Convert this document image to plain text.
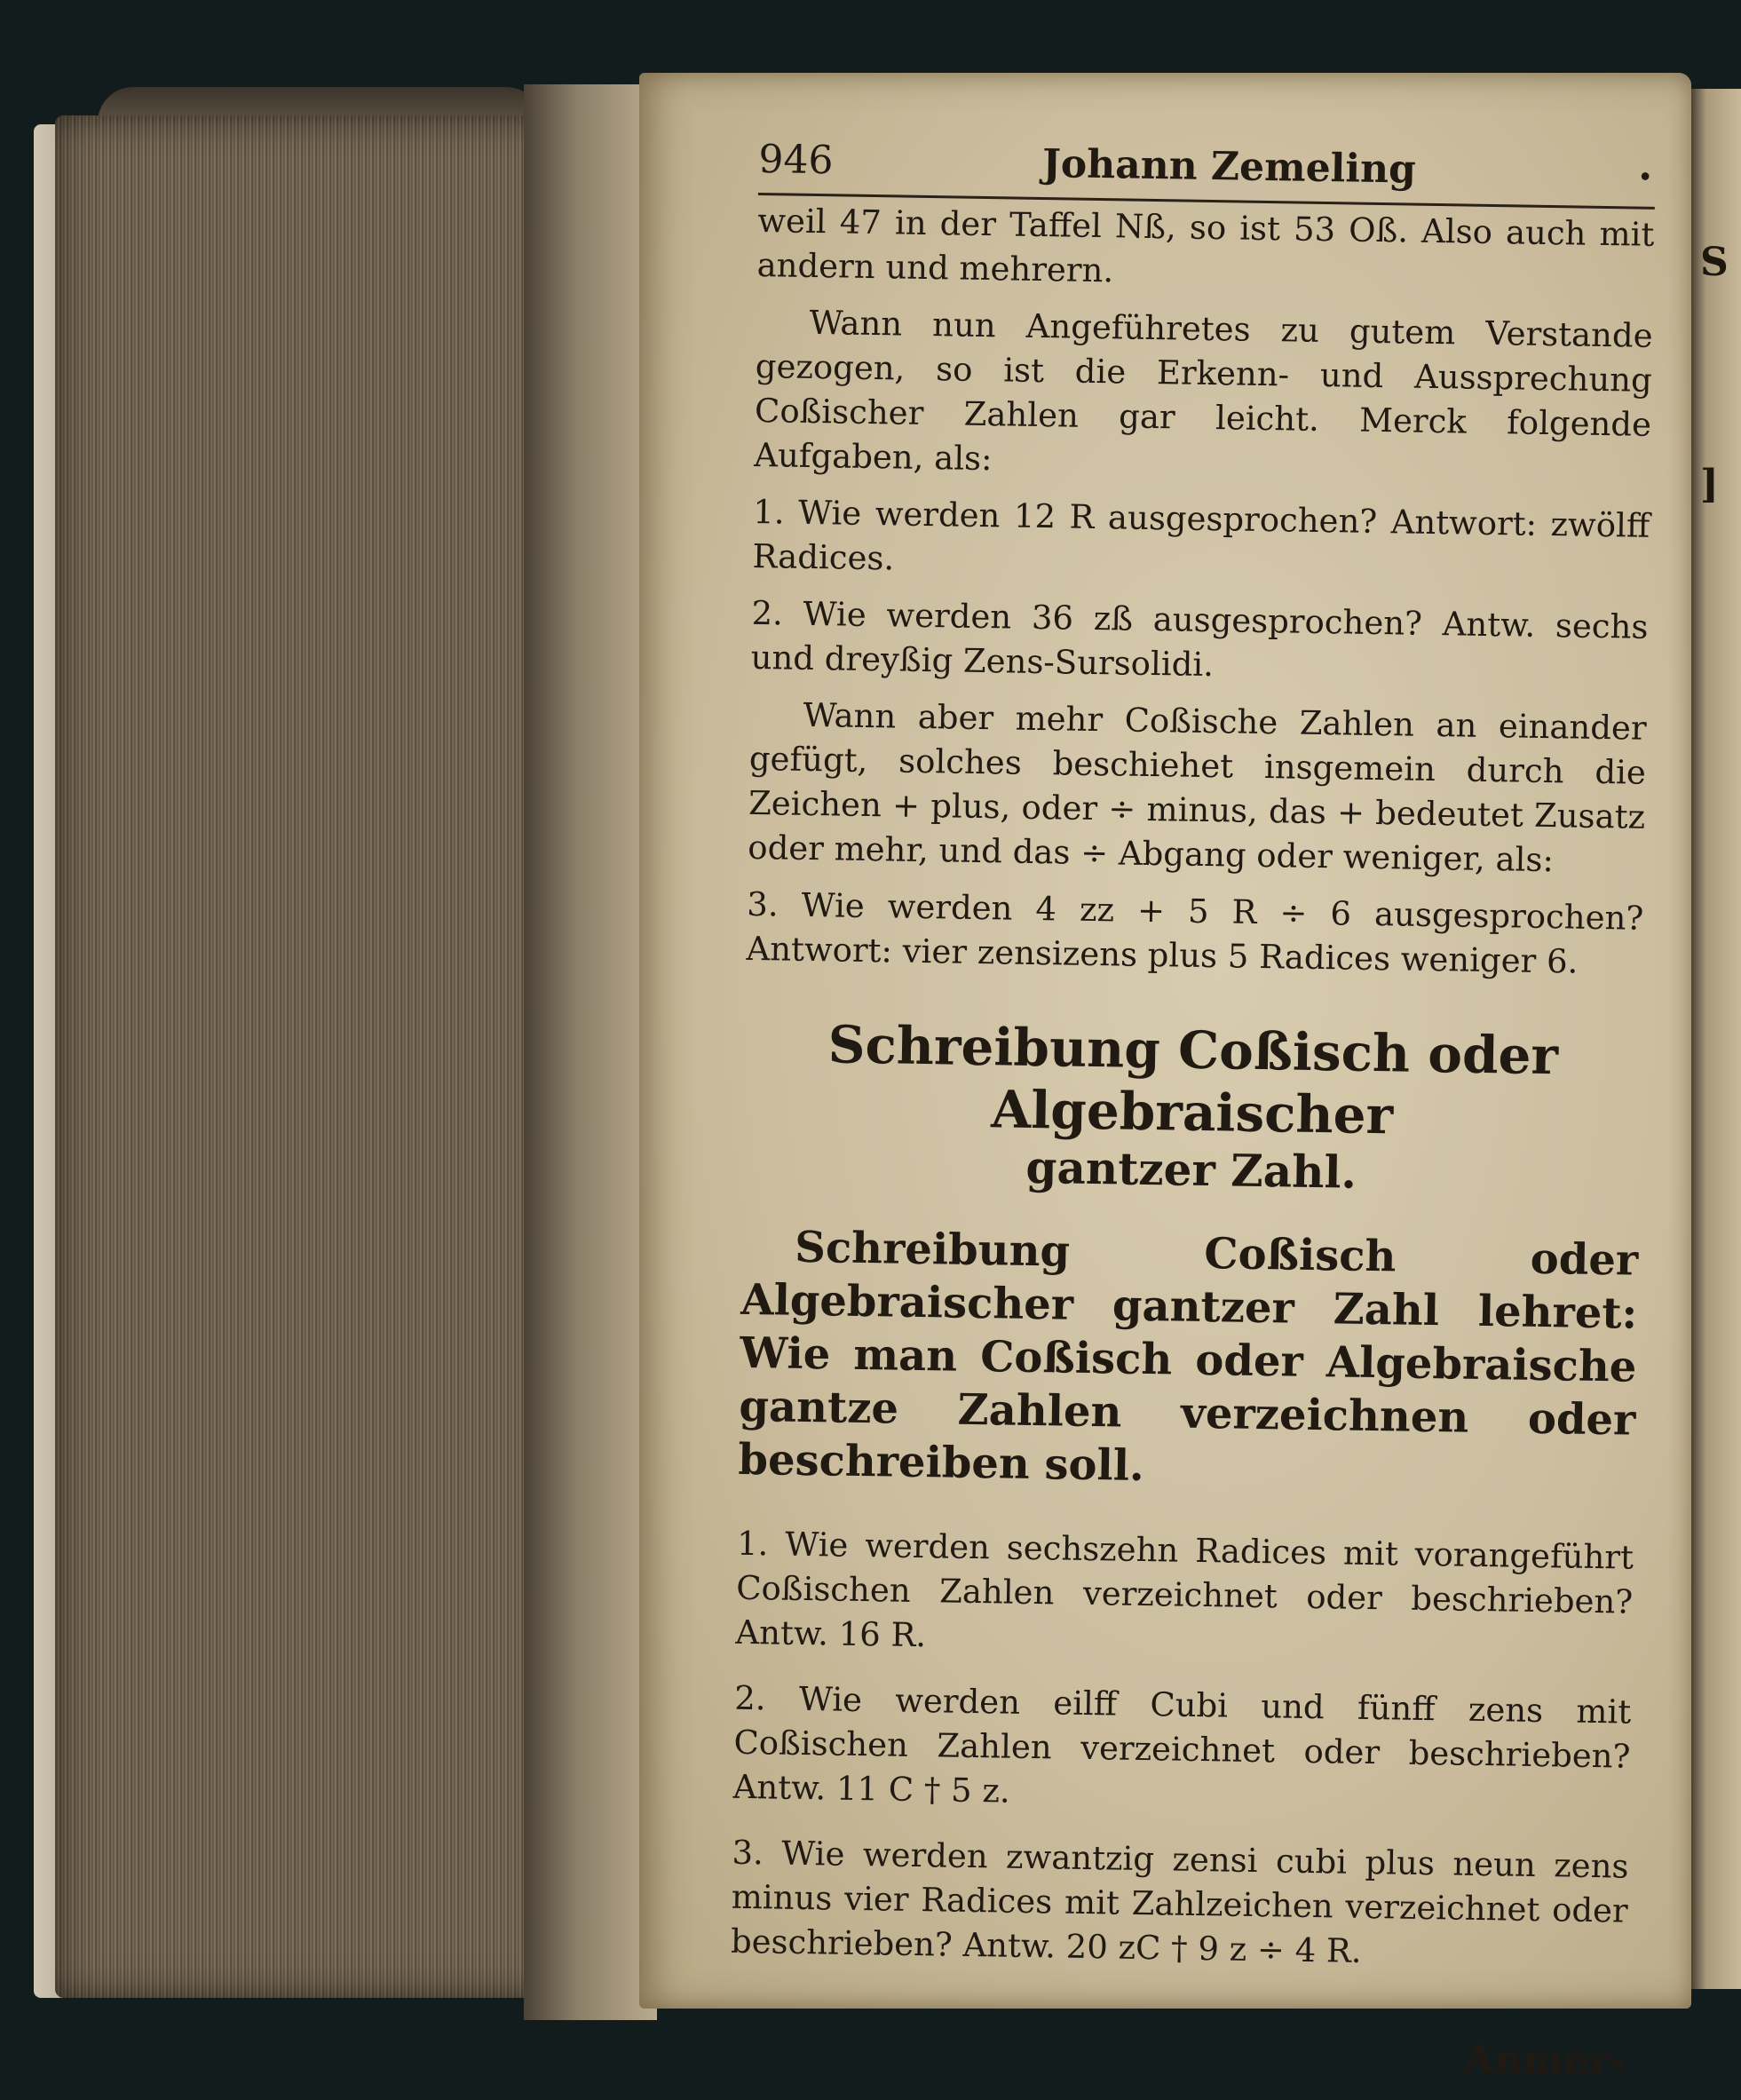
S
]
946	Johann Zemeling	•

weil 47 in der Taffel Nß, so ist 53 Oß. Also auch mit andern und mehrern.

Wann nun Angeführetes zu gutem Verstande gezogen, so ist die Erkenn- und Aussprechung Coßischer Zahlen gar leicht. Merck folgende Aufgaben, als:

1. Wie werden 12 R ausgesprochen? Antwort: zwölff Radices.

2. Wie werden 36 zß ausgesprochen? Antw. sechs und dreyßig Zens-Sursolidi.

Wann aber mehr Coßische Zahlen an einander gefügt, solches beschiehet insgemein durch die Zeichen + plus, oder ÷ minus, das + bedeutet Zusatz oder mehr, und das ÷ Abgang oder weniger, als:

3. Wie werden 4 zz + 5 R ÷ 6 ausgesprochen? Antwort: vier zensizens plus 5 Radices weniger 6.

Schreibung Coßisch oder Algebraischer
gantzer Zahl.

Schreibung Coßisch oder Algebraischer gantzer Zahl lehret: Wie man Coßisch oder Algebraische gantze Zahlen verzeichnen oder beschreiben soll.

1. Wie werden sechszehn Radices mit vorangeführt Coßischen Zahlen verzeichnet oder beschrieben? Antw. 16 R.

2. Wie werden eilff Cubi und fünff zens mit Coßischen Zahlen verzeichnet oder beschrieben? Antw. 11 C † 5 z.

3. Wie werden zwantzig zensi cubi plus neun zens minus vier Radices mit Zahlzeichen verzeichnet oder beschrieben? Antw. 20 zC † 9 z ÷ 4 R.

Anmer-
